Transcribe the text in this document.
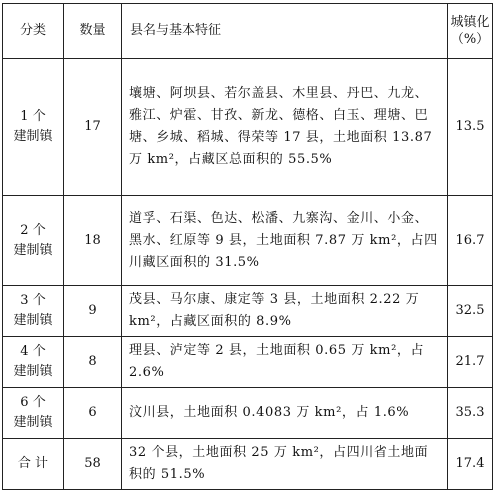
分类	数量	县名与基本特征	城镇化
（%）

1 个
建制镇	17	壤塘、阿坝县、若尔盖县、木里县、丹巴、九龙、雅江、炉霍、甘孜、新龙、德格、白玉、理塘、巴塘、乡城、稻城、得荣等 17 县，土地面积 13.87 万 km²，占藏区总面积的 55.5%	13.5

2 个
建制镇	18	道孚、石渠、色达、松潘、九寨沟、金川、小金、黑水、红原等 9 县，土地面积 7.87 万 km²，占四川藏区面积的 31.5%	16.7

3 个
建制镇	9	茂县、马尔康、康定等 3 县，土地面积 2.22 万 km²，占藏区面积的 8.9%	32.5

4 个
建制镇	8	理县、泸定等 2 县，土地面积 0.65 万 km²，占 2.6%	21.7

6 个
建制镇	6	汶川县，土地面积 0.4083 万 km²，占 1.6%	35.3
合 计	58	32 个县，土地面积 25 万 km²，占四川省土地面积的 51.5%	17.4
